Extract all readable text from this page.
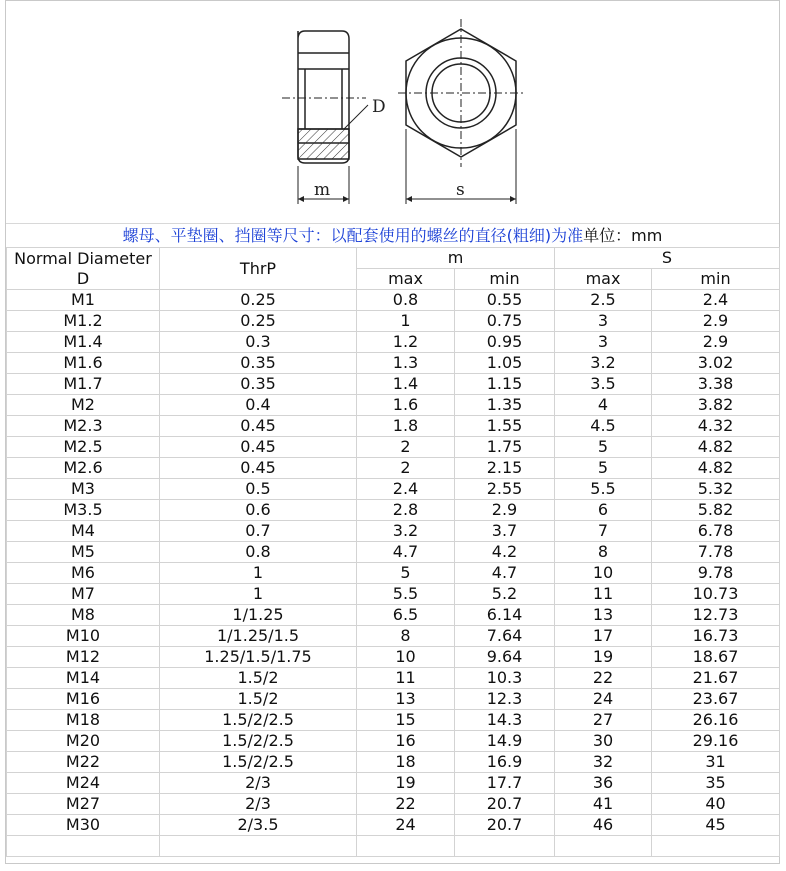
D
m	s
螺母、平垫圈、挡圈等尺寸：以配套使用的螺丝的直径(粗细)为准单位：mm
Normal Diameter D	ThrP	m		S	
		max	min	max	min
M1	0.25	0.8	0.55	2.5	2.4
M1.2	0.25	1	0.75	3	2.9
M1.4	0.3	1.2	0.95	3	2.9
M1.6	0.35	1.3	1.05	3.2	3.02
M1.7	0.35	1.4	1.15	3.5	3.38
M2	0.4	1.6	1.35	4	3.82
M2.3	0.45	1.8	1.55	4.5	4.32
M2.5	0.45	2	1.75	5	4.82
M2.6	0.45	2	2.15	5	4.82
M3	0.5	2.4	2.55	5.5	5.32
M3.5	0.6	2.8	2.9	6	5.82
M4	0.7	3.2	3.7	7	6.78
M5	0.8	4.7	4.2	8	7.78
M6	1	5	4.7	10	9.78
M7	1	5.5	5.2	11	10.73
M8	1/1.25	6.5	6.14	13	12.73
M10	1/1.25/1.5	8	7.64	17	16.73
M12	1.25/1.5/1.75	10	9.64	19	18.67
M14	1.5/2	11	10.3	22	21.67
M16	1.5/2	13	12.3	24	23.67
M18	1.5/2/2.5	15	14.3	27	26.16
M20	1.5/2/2.5	16	14.9	30	29.16
M22	1.5/2/2.5	18	16.9	32	31
M24	2/3	19	17.7	36	35
M27	2/3	22	20.7	41	40
M30	2/3.5	24	20.7	46	45
